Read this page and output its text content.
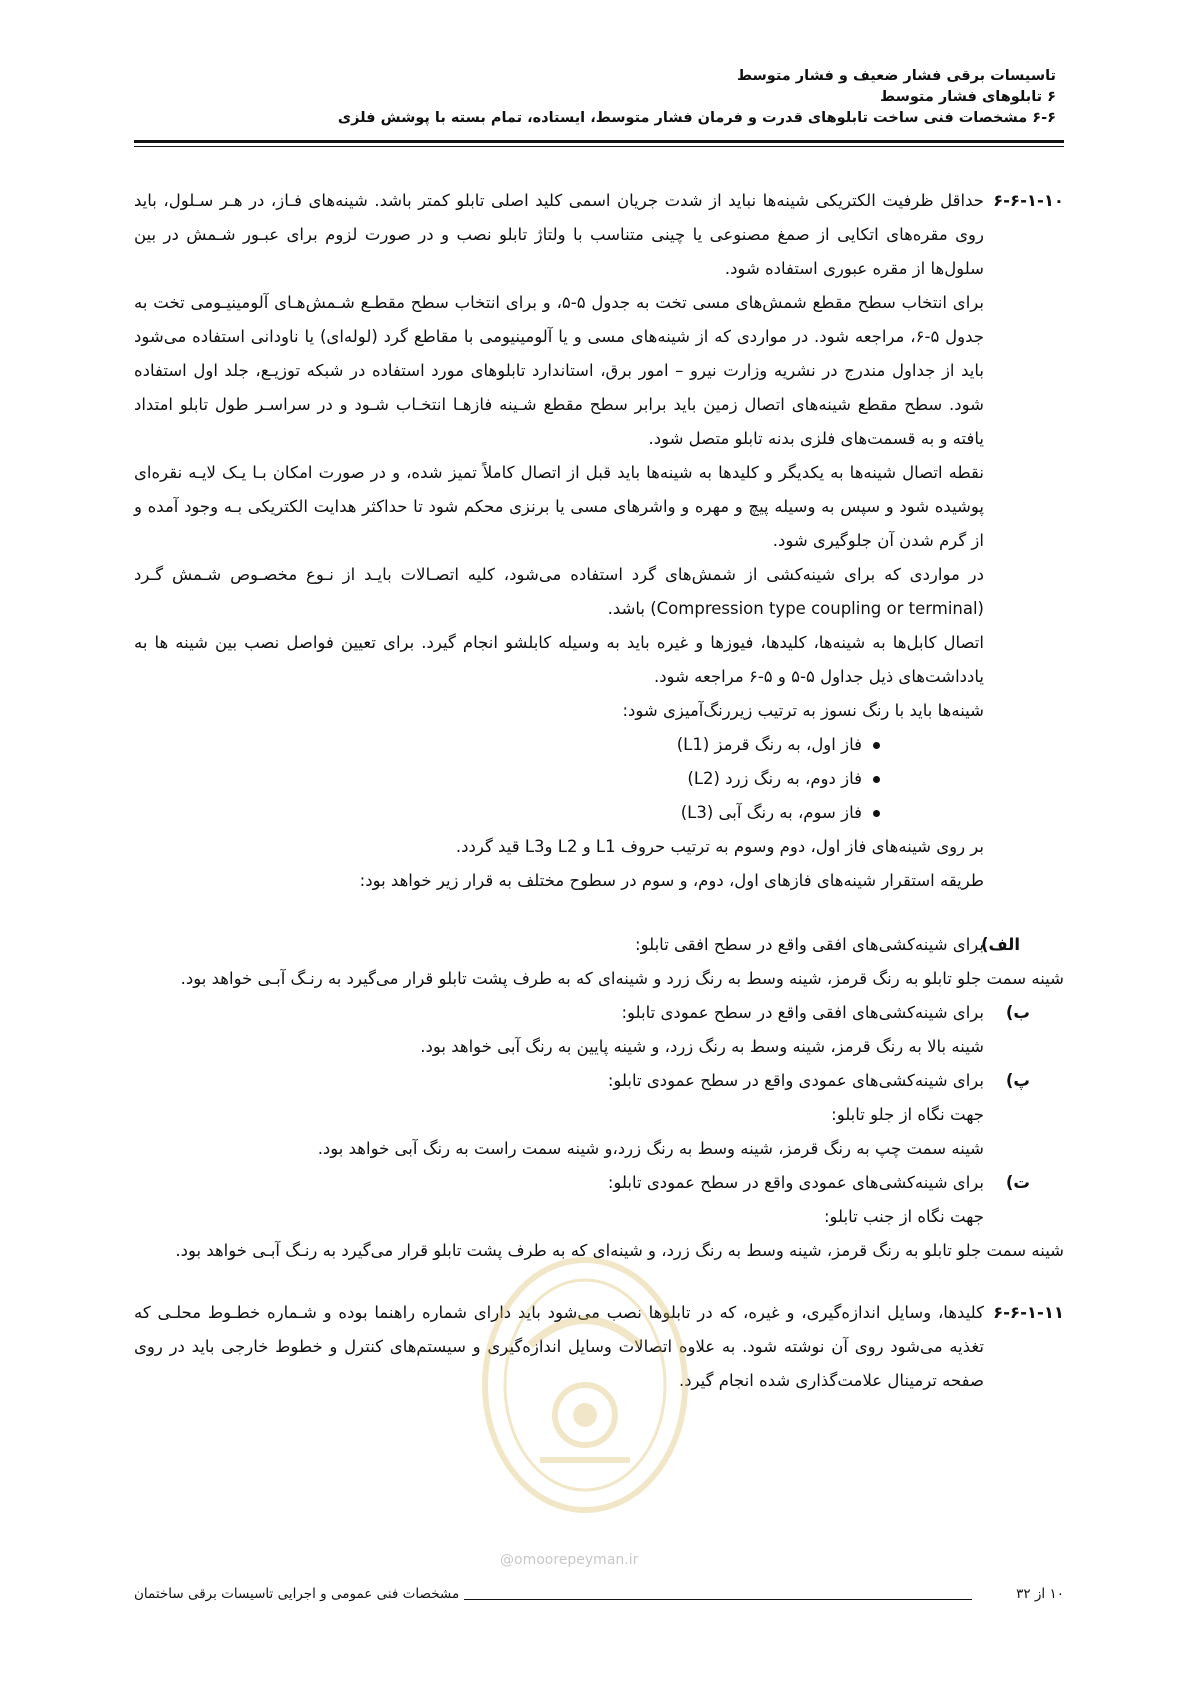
تاسیسات برقی فشار ضعیف و فشار متوسط
۶ تابلوهای فشار متوسط
۶-۶ مشخصات فنی ساخت تابلوهای قدرت و فرمان فشار متوسط، ایستاده، تمام بسته با پوشش فلزی
۶-۶-۱-۱۰

حداقل ظرفیت الکتریکی شینه‌ها نباید از شدت جریان اسمی کلید اصلی تابلو کمتر باشد. شینه‌های فـاز، در هـر سـلول، باید روی مقره‌های اتکایی از صمغ مصنوعی یا چینی متناسب با ولتاژ تابلو نصب و در صورت لزوم برای عبـور شـمش در بین سلول‌ها از مقره عبوری استفاده شود.

برای انتخاب سطح مقطع شمش‌های مسی تخت به جدول ۵-۵، و برای انتخاب سطح مقطـع شـمش‌هـای آلومینیـومی تخت به جدول ۵-۶، مراجعه شود. در مواردی که از شینه‌های مسی و یا آلومینیومی با مقاطع گرد (لوله‌ای) یا ناودانی استفاده می‌شود باید از جداول مندرج در نشریه وزارت نیرو – امور برق، استاندارد تابلوهای مورد استفاده در شبکه توزیـع، جلد اول استفاده شود. سطح مقطع شینه‌های اتصال زمین باید برابر سطح مقطع شـینه فازهـا انتخـاب شـود و در سراسـر طول تابلو امتداد یافته و به قسمت‌های فلزی بدنه تابلو متصل شود.

نقطه اتصال شینه‌ها به یکدیگر و کلیدها به شینه‌ها باید قبل از اتصال کاملاً تمیز شده، و در صورت امکان بـا یـک لایـه نقره‌ای پوشیده شود و سپس به وسیله پیچ و مهره و واشرهای مسی یا برنزی محکم شود تا حداکثر هدایت الکتریکی بـه وجود آمده و از گرم شدن آن جلوگیری شود.

در مواردی که برای شینه‌کشی از شمش‌های گرد استفاده می‌شود، کلیه اتصـالات بایـد از نـوع مخصـوص شـمش گـرد (Compression type coupling or terminal) باشد.

اتصال کابل‌ها به شینه‌ها، کلیدها، فیوزها و غیره باید به وسیله کابلشو انجام گیرد. برای تعیین فواصل نصب بین شینه ها به یادداشت‌های ذیل جداول ۵-۵ و ۵-۶ مراجعه شود.

شینه‌ها باید با رنگ نسوز به ترتیب زیررنگ‌آمیزی شود:

فاز اول، به رنگ قرمز (L1)
فاز دوم، به رنگ زرد (L2)
فاز سوم، به رنگ آبی (L3)

بر روی شینه‌های فاز اول، دوم وسوم به ترتیب حروف L1 و L2 وL3 قید گردد.

طریقه استقرار شینه‌های فازهای اول، دوم، و سوم در سطوح مختلف به قرار زیر خواهد بود:

الف)

برای شینه‌کشی‌های افقی واقع در سطح افقی تابلو:

شینه سمت جلو تابلو به رنگ قرمز، شینه وسط به رنگ زرد و شینه‌ای که به طرف پشت تابلو قرار می‌گیرد به رنـگ آبـی خواهد بود.

ب)

برای شینه‌کشی‌های افقی واقع در سطح عمودی تابلو:

شینه بالا به رنگ قرمز، شینه وسط به رنگ زرد، و شینه پایین به رنگ آبی خواهد بود.

پ)

برای شینه‌کشی‌های عمودی واقع در سطح عمودی تابلو:

جهت نگاه از جلو تابلو:

شینه سمت چپ به رنگ قرمز، شینه وسط به رنگ زرد،و شینه سمت راست به رنگ آبی خواهد بود.

ت)

برای شینه‌کشی‌های عمودی واقع در سطح عمودی تابلو:

جهت نگاه از جنب تابلو:

شینه سمت جلو تابلو به رنگ قرمز، شینه وسط به رنگ زرد، و شینه‌ای که به طرف پشت تابلو قرار می‌گیرد به رنـگ آبـی خواهد بود.

۶-۶-۱-۱۱

کلیدها، وسایل اندازه‌گیری، و غیره، که در تابلوها نصب می‌شود باید دارای شماره راهنما بوده و شـماره خطـوط محلـی که تغذیه می‌شود روی آن نوشته شود. به علاوه اتصالات وسایل اندازه‌گیری و سیستم‌های کنترل و خطوط خارجی باید در روی صفحه ترمینال علامت‌گذاری شده انجام گیرد.

@omoorepeyman.ir
۱۰ از ۳۲
مشخصات فنی عمومی و اجرایی تاسیسات برقی ساختمان
